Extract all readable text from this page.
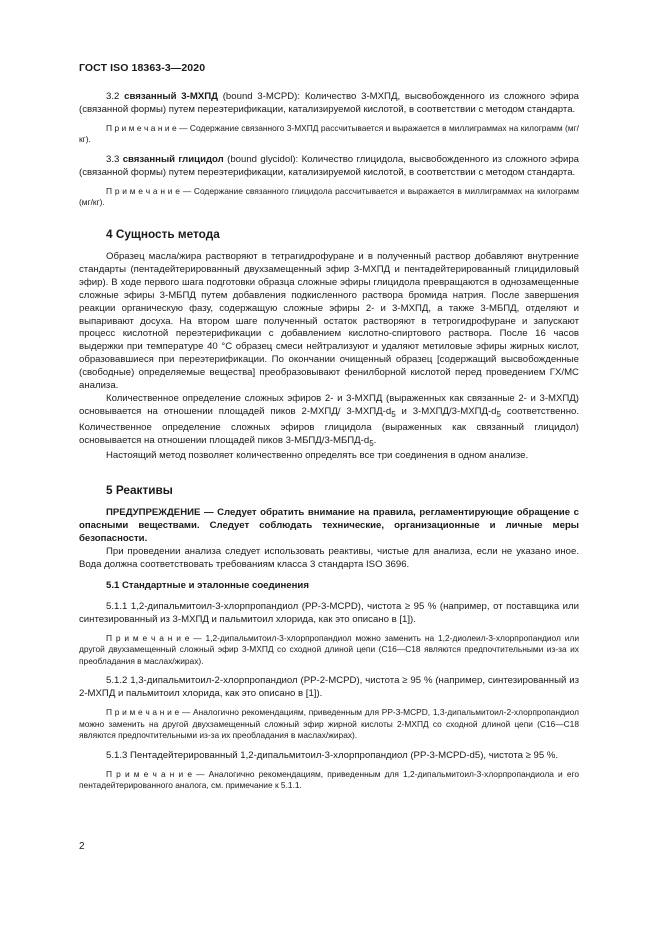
ГОСТ ISO 18363-3—2020

3.2 связанный 3-МХПД (bound 3-MCPD): Количество 3-МХПД, высвобожденного из сложного эфира (связанной формы) путем переэтерификации, катализируемой кислотой, в соответствии с методом стандарта.

П р и м е ч а н и е — Содержание связанного 3-МХПД рассчитывается и выражается в миллиграммах на килограмм (мг/кг).

3.3 связанный глицидол (bound glycidol): Количество глицидола, высвобожденного из сложного эфира (связанной формы) путем переэтерификации, катализируемой кислотой, в соответствии с методом стандарта.

П р и м е ч а н и е — Содержание связанного глицидола рассчитывается и выражается в миллиграммах на килограмм (мг/кг).

4 Сущность метода

Образец масла/жира растворяют в тетрагидрофуране и в полученный раствор добавляют внутренние стандарты (пентадейтерированный двухзамещенный эфир 3-МХПД и пентадейтерированный глицидиловый эфир). В ходе первого шага подготовки образца сложные эфиры глицидола превращаются в однозамещенные сложные эфиры 3-МБПД путем добавления подкисленного раствора бромида натрия. После завершения реакции органическую фазу, содержащую сложные эфиры 2- и 3-МХПД, а также 3-МБПД, отделяют и выпаривают досуха. На втором шаге полученный остаток растворяют в тетрогидрофуране и запускают процесс кислотной переэтерификации с добавлением кислотно-спиртового раствора. После 16 часов выдержки при температуре 40 °С образец смеси нейтрализуют и удаляют метиловые эфиры жирных кислот, образовавшиеся при переэтерификации. По окончании очищенный образец [содержащий высвобожденные (свободные) определяемые вещества] преобразовывают фенилборной кислотой перед проведением ГХ/МС анализа.

Количественное определение сложных эфиров 2- и 3-МХПД (выраженных как связанные 2- и 3-МХПД) основывается на отношении площадей пиков 2-МХПД/ $3-МХПД-d_5$ и $3-МХПД/3-МХПД-d_5$ соответственно. Количественное определение сложных эфиров глицидола (выраженных как связанный глицидол) основывается на отношении площадей пиков $3-МБПД/3-МБПД-d_5$.

Настоящий метод позволяет количественно определять все три соединения в одном анализе.

5 Реактивы

ПРЕДУПРЕЖДЕНИЕ — Следует обратить внимание на правила, регламентирующие обращение с опасными веществами. Следует соблюдать технические, организационные и личные меры безопасности.

При проведении анализа следует использовать реактивы, чистые для анализа, если не указано иное. Вода должна соответствовать требованиям класса 3 стандарта ISO 3696.

5.1 Стандартные и эталонные соединения

5.1.1 1,2-дипальмитоил-3-хлорпропандиол (PP-3-MCPD), чистота ≥ 95 % (например, от поставщика или синтезированный из 3-МХПД и пальмитоил хлорида, как это описано в [1]).

П р и м е ч а н и е — 1,2-дипальмитоил-3-хлорпропандиол можно заменить на 1,2-диолеил-3-хлорпропандиол или другой двухзамещенный сложный эфир 3-МХПД со сходной длиной цепи (С16—С18 являются предпочтительными из-за их преобладания в маслах/жирах).

5.1.2 1,3-дипальмитоил-2-хлорпропандиол (PP-2-MCPD), чистота ≥ 95 % (например, синтезированный из 2-МХПД и пальмитоил хлорида, как это описано в [1]).

П р и м е ч а н и е — Аналогично рекомендациям, приведенным для PP-3-MCPD, 1,3-дипальмитоил-2-хлорпропандиол можно заменить на другой двухзамещенный сложный эфир жирной кислоты 2-МХПД со сходной длиной цепи (С16—С18 являются предпочтительными из-за их преобладания в маслах/жирах).

5.1.3 Пентадейтерированный 1,2-дипальмитоил-3-хлорпропандиол (PP-3-MCPD-d5), чистота ≥ 95 %.

П р и м е ч а н и е — Аналогично рекомендациям, приведенным для 1,2-дипальмитоил-3-хлорпропандиола и его пентадейтерированного аналога, см. примечание к 5.1.1.

2
